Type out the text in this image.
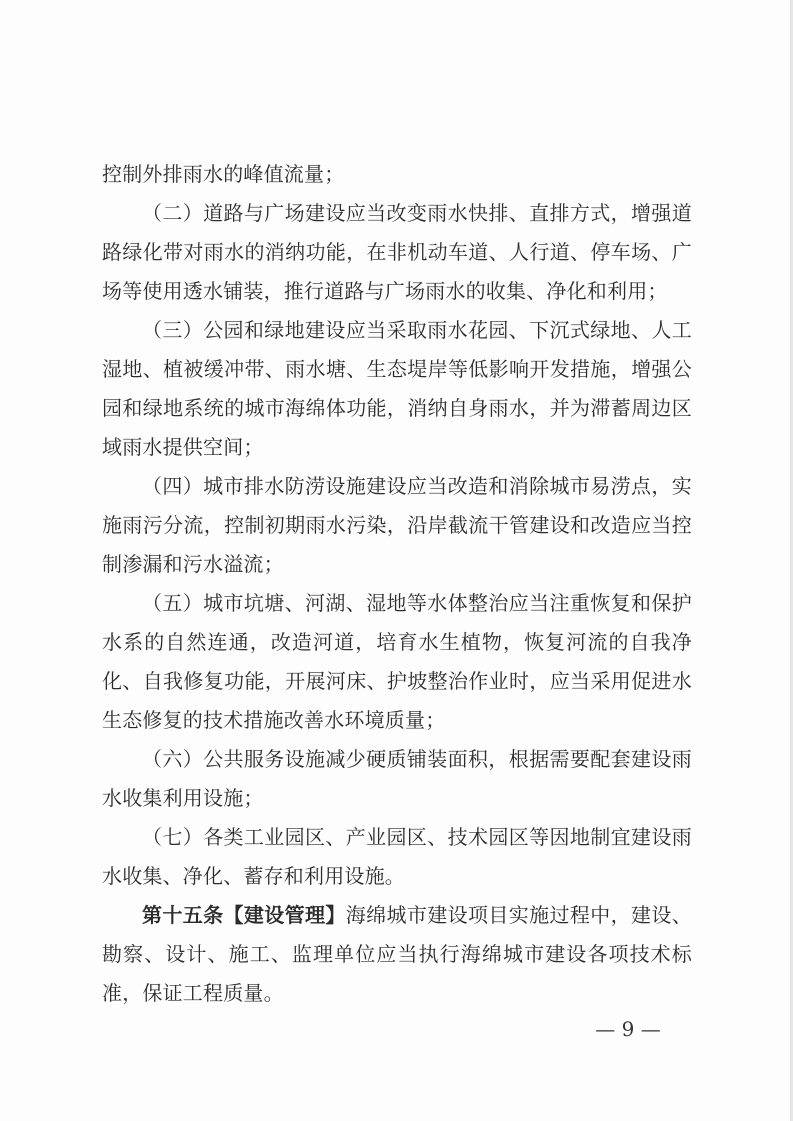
控制外排雨水的峰值流量；

（二）道路与广场建设应当改变雨水快排、直排方式，增强道路绿化带对雨水的消纳功能，在非机动车道、人行道、停车场、广场等使用透水铺装，推行道路与广场雨水的收集、净化和利用；

（三）公园和绿地建设应当采取雨水花园、下沉式绿地、人工湿地、植被缓冲带、雨水塘、生态堤岸等低影响开发措施，增强公园和绿地系统的城市海绵体功能，消纳自身雨水，并为滞蓄周边区域雨水提供空间；

（四）城市排水防涝设施建设应当改造和消除城市易涝点，实施雨污分流，控制初期雨水污染，沿岸截流干管建设和改造应当控制渗漏和污水溢流；

（五）城市坑塘、河湖、湿地等水体整治应当注重恢复和保护水系的自然连通，改造河道，培育水生植物，恢复河流的自我净化、自我修复功能，开展河床、护坡整治作业时，应当采用促进水生态修复的技术措施改善水环境质量；

（六）公共服务设施减少硬质铺装面积，根据需要配套建设雨水收集利用设施；

（七）各类工业园区、产业园区、技术园区等因地制宜建设雨水收集、净化、蓄存和利用设施。

第十五条【建设管理】海绵城市建设项目实施过程中，建设、勘察、设计、施工、监理单位应当执行海绵城市建设各项技术标准，保证工程质量。

— 9 —
